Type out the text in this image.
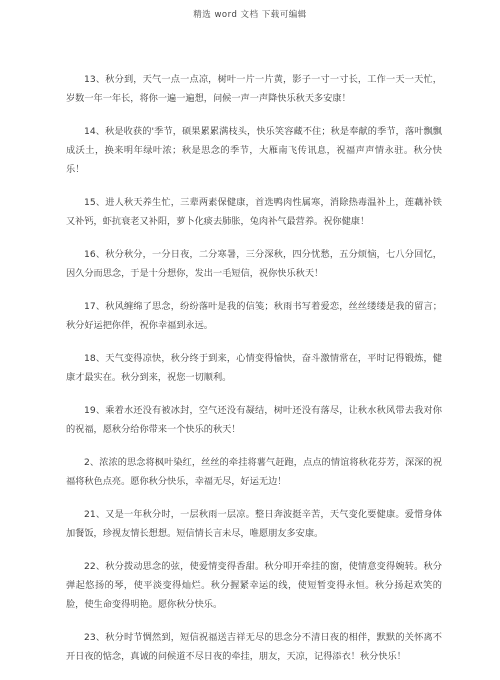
精选 word 文档 下载可编辑

13、秋分到，天气一点一点凉，树叶一片一片黄，影子一寸一寸长，工作一天一天忙，岁数一年一年长，将你一遍一遍想，问候一声一声降快乐秋天多安康！

14、秋是收获的'季节，硕果累累满枝头，快乐笑容藏不住；秋是奉献的季节，落叶飘飘成沃土，换来明年绿叶浓；秋是思念的季节，大雁南飞传讯息，祝福声声情永驻。秋分快乐！

15、进人秋天养生忙，三辈两素保健康，首选鸭肉性属寒，消除热毒温补上，莲藕补铁又补钙，虾抗衰老又补阳，萝卜化痰去肺胀，兔肉补气最营养。祝你健康！

16、秋分秋分，一分日夜，二分寒暑，三分深秋，四分忧愁，五分烦恼，七八分回忆，因久分而思念，于是十分想你，发出一毛短信，祝你快乐秋天！

17、秋风缠绵了思念，纷纷落叶是我的信笺；秋雨书写着爱恋，丝丝缕缕是我的留言；秋分好运把你伴，祝你幸福到永远。

18、天气变得凉快，秋分终于到来，心情变得愉快，奋斗激情常在，平时记得锻炼，健康才最实在。秋分到来，祝您一切顺利。

19、乘着水还没有被冰封，空气还没有凝结，树叶还没有落尽，让秋水秋风带去我对你的祝福，愿秋分给你带来一个快乐的秋天！

2、浓浓的思念将枫叶染红，丝丝的牵挂将薯气赶跑，点点的情谊将秋花芬芳，深深的祝福将秋色点亮。愿你秋分快乐，幸福无尽，好运无边！

21、又是一年秋分时，一层秋雨一层凉。整日奔波挺辛苦，天气变化要健康。爱惜身体加餐饭，珍视友情长想想。短信情长言未尽，唯愿朋友多安康。

22、秋分拨动思念的弦，使爱情变得香甜。秋分叩开牵挂的窗，使情意变得婉转。秋分弹起悠扬的琴，使平淡变得灿烂。秋分握紧幸运的线，使短暂变得永恒。秋分扬起欢笑的脸，使生命变得明艳。愿你秋分快乐。

23、秋分时节惆然到，短信祝福送吉祥无尽的思念分不清日夜的相伴，默默的关怀离不开日夜的惦念，真诚的问候道不尽日夜的牵挂，朋友，天凉，记得添衣！秋分快乐！
